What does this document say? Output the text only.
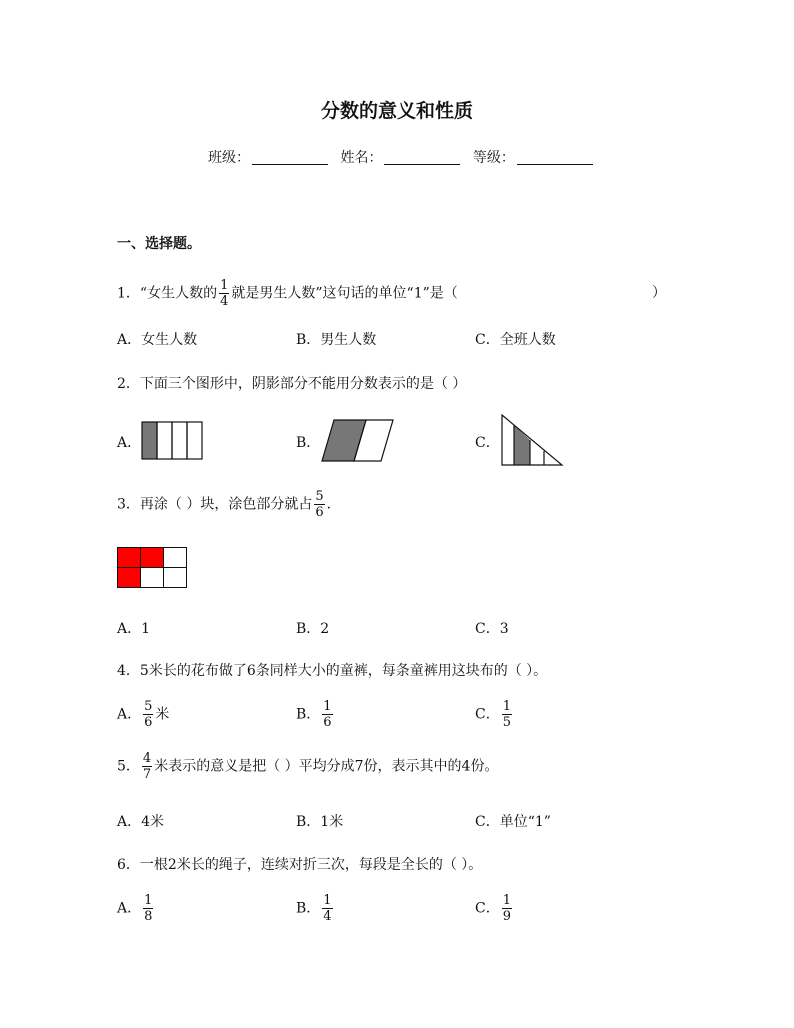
分数的意义和性质
班级：	姓名：	等级：
一、选择题。
1．“女生人数的 $\frac{1}{4}$ 就是男生人数”这句话的单位“1”是（	）
A．女生人数	B．男生人数	C．全班人数
2．下面三个图形中，阴影部分不能用分数表示的是（ ）
A．	B．	C．
3．再涂（ ）块，涂色部分就占 $\frac{5}{6}$ .

A．1	B．2	C．3
4．5米长的花布做了6条同样大小的童裤，每条童裤用这块布的（ ）。
A． $\frac{5}{6}$ 米	B． $\frac{1}{6}$	C． $\frac{1}{5}$
5． $\frac{4}{7}$ 米表示的意义是把（ ）平均分成7份，表示其中的4份。
A．4米	B．1米	C．单位“1”
6．一根2米长的绳子，连续对折三次，每段是全长的（ ）。
A． $\frac{1}{8}$	B． $\frac{1}{4}$	C． $\frac{1}{9}$
